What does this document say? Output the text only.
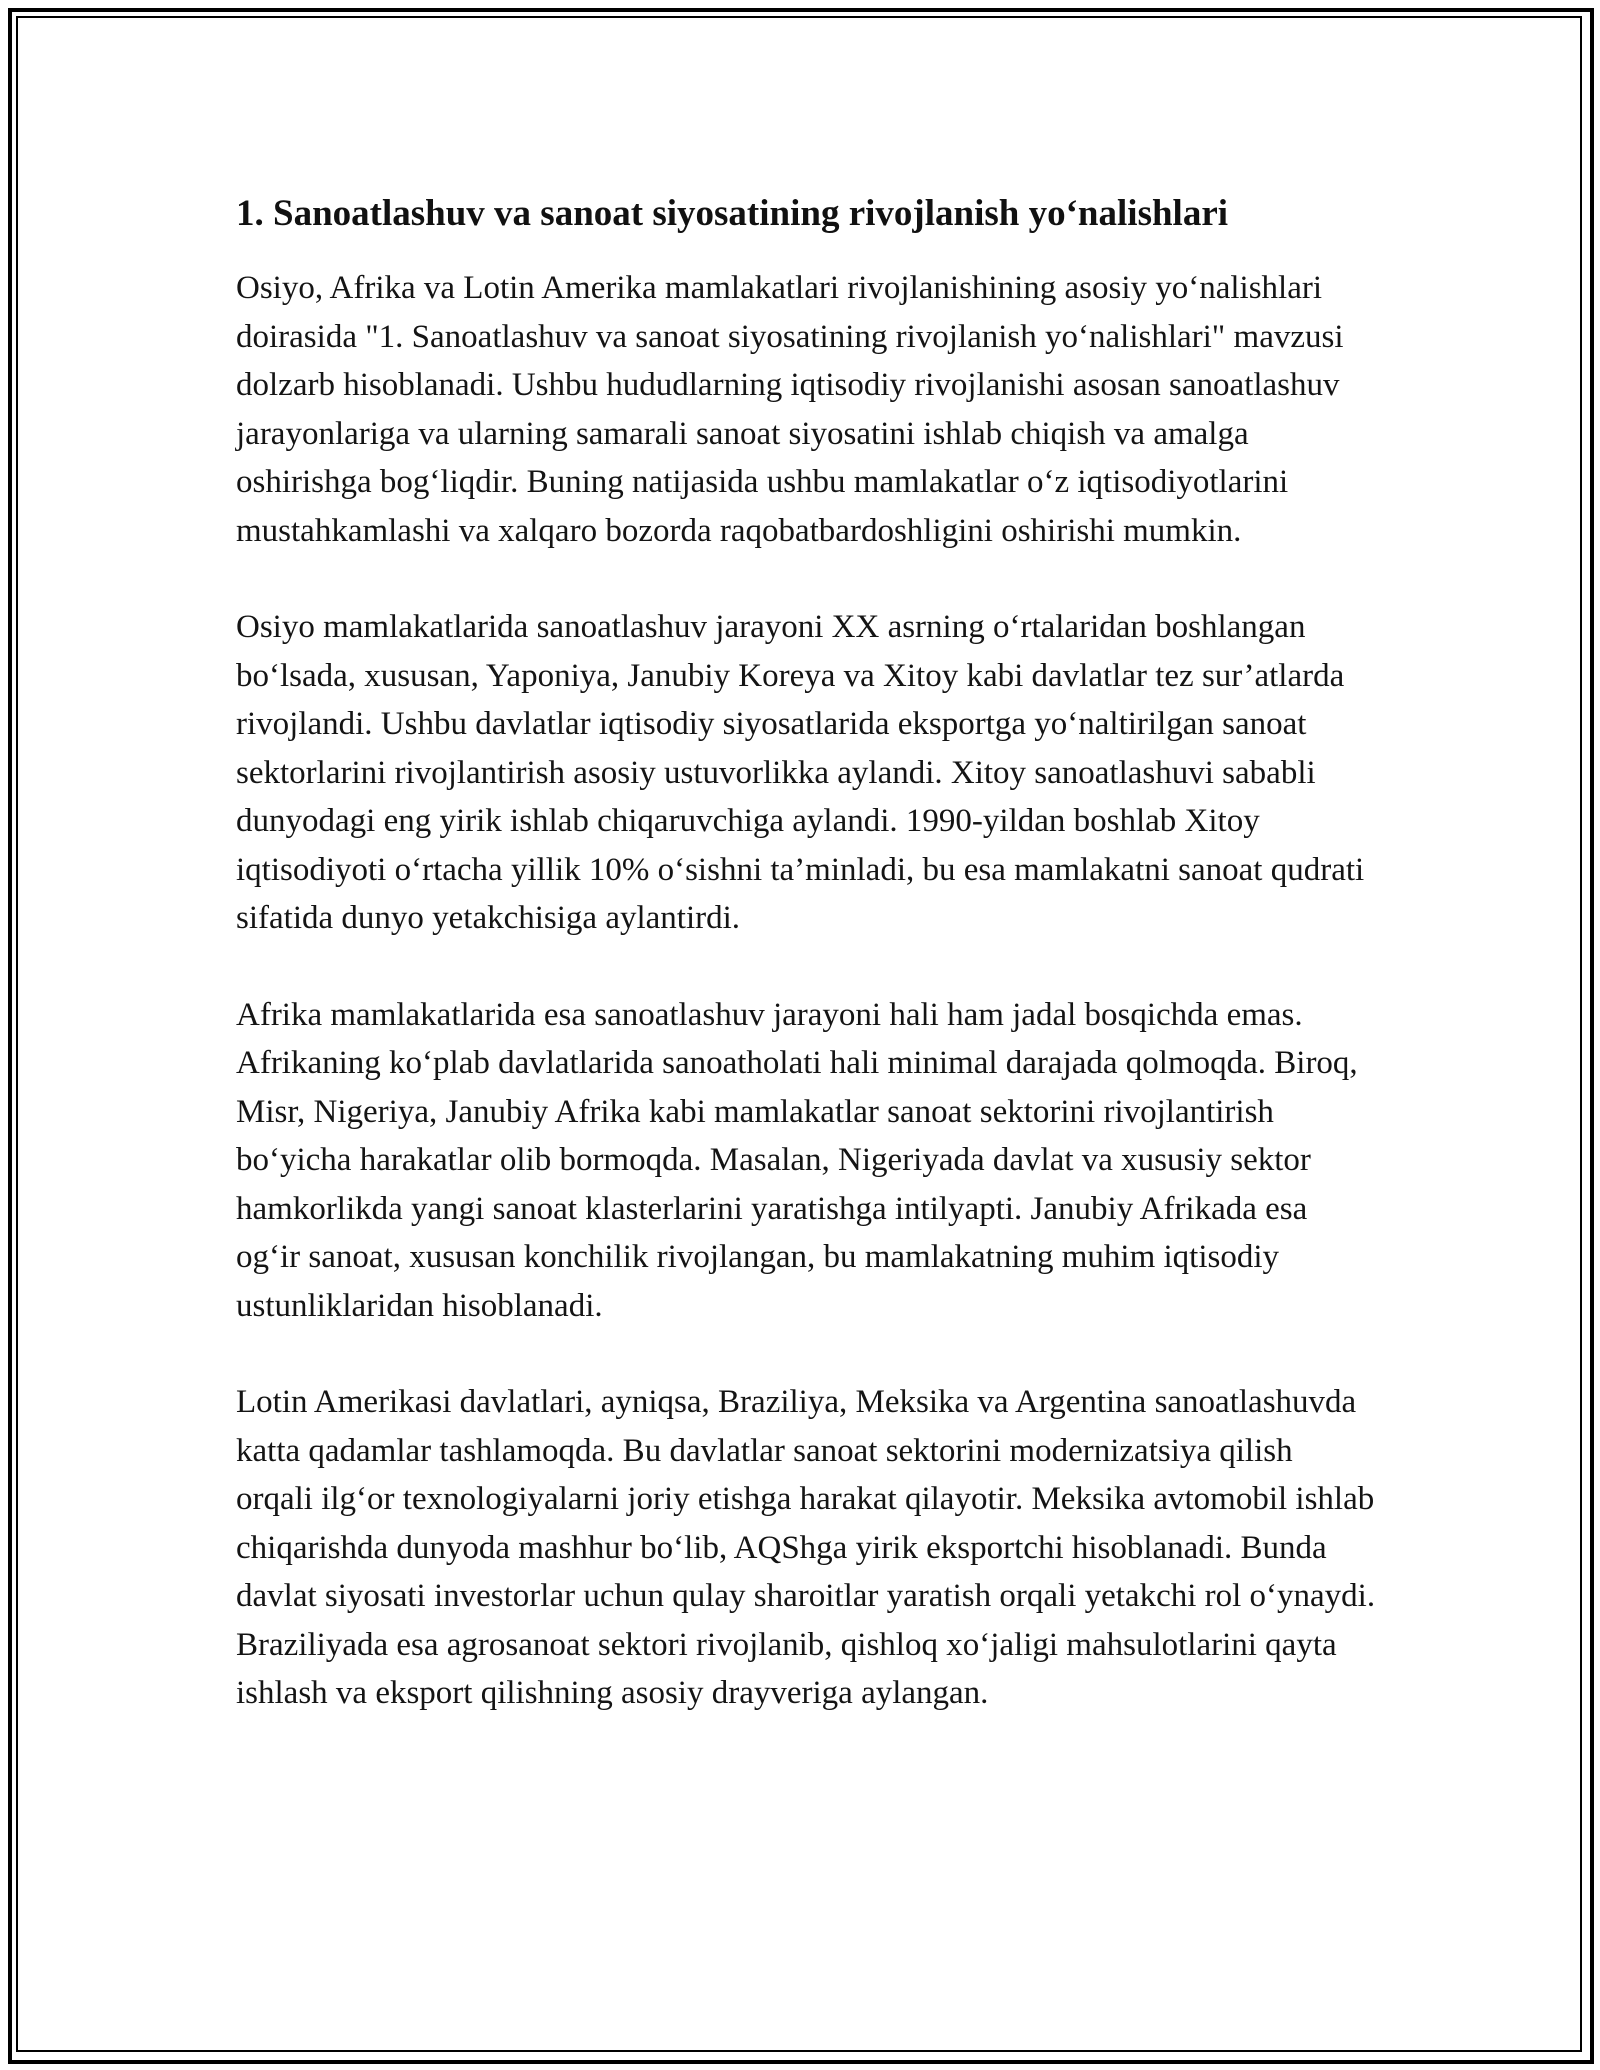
1. Sanoatlashuv va sanoat siyosatining rivojlanish yo‘nalishlari

Osiyo, Afrika va Lotin Amerika mamlakatlari rivojlanishining asosiy yo‘nalishlari doirasida "1. Sanoatlashuv va sanoat siyosatining rivojlanish yo‘nalishlari" mavzusi dolzarb hisoblanadi. Ushbu hududlarning iqtisodiy rivojlanishi asosan sanoatlashuv jarayonlariga va ularning samarali sanoat siyosatini ishlab chiqish va amalga oshirishga bog‘liqdir. Buning natijasida ushbu mamlakatlar o‘z iqtisodiyotlarini mustahkamlashi va xalqaro bozorda raqobatbardoshligini oshirishi mumkin.

Osiyo mamlakatlarida sanoatlashuv jarayoni XX asrning o‘rtalaridan boshlangan bo‘lsada, xususan, Yaponiya, Janubiy Koreya va Xitoy kabi davlatlar tez sur’atlarda rivojlandi. Ushbu davlatlar iqtisodiy siyosatlarida eksportga yo‘naltirilgan sanoat sektorlarini rivojlantirish asosiy ustuvorlikka aylandi. Xitoy sanoatlashuvi sababli dunyodagi eng yirik ishlab chiqaruvchiga aylandi. 1990-yildan boshlab Xitoy iqtisodiyoti o‘rtacha yillik 10% o‘sishni ta’minladi, bu esa mamlakatni sanoat qudrati sifatida dunyo yetakchisiga aylantirdi.

Afrika mamlakatlarida esa sanoatlashuv jarayoni hali ham jadal bosqichda emas. Afrikaning ko‘plab davlatlarida sanoatholati hali minimal darajada qolmoqda. Biroq, Misr, Nigeriya, Janubiy Afrika kabi mamlakatlar sanoat sektorini rivojlantirish bo‘yicha harakatlar olib bormoqda. Masalan, Nigeriyada davlat va xususiy sektor hamkorlikda yangi sanoat klasterlarini yaratishga intilyapti. Janubiy Afrikada esa og‘ir sanoat, xususan konchilik rivojlangan, bu mamlakatning muhim iqtisodiy ustunliklaridan hisoblanadi.

Lotin Amerikasi davlatlari, ayniqsa, Braziliya, Meksika va Argentina sanoatlashuvda katta qadamlar tashlamoqda. Bu davlatlar sanoat sektorini modernizatsiya qilish orqali ilg‘or texnologiyalarni joriy etishga harakat qilayotir. Meksika avtomobil ishlab chiqarishda dunyoda mashhur bo‘lib, AQShga yirik eksportchi hisoblanadi. Bunda davlat siyosati investorlar uchun qulay sharoitlar yaratish orqali yetakchi rol o‘ynaydi. Braziliyada esa agrosanoat sektori rivojlanib, qishloq xo‘jaligi mahsulotlarini qayta ishlash va eksport qilishning asosiy drayveriga aylangan.
